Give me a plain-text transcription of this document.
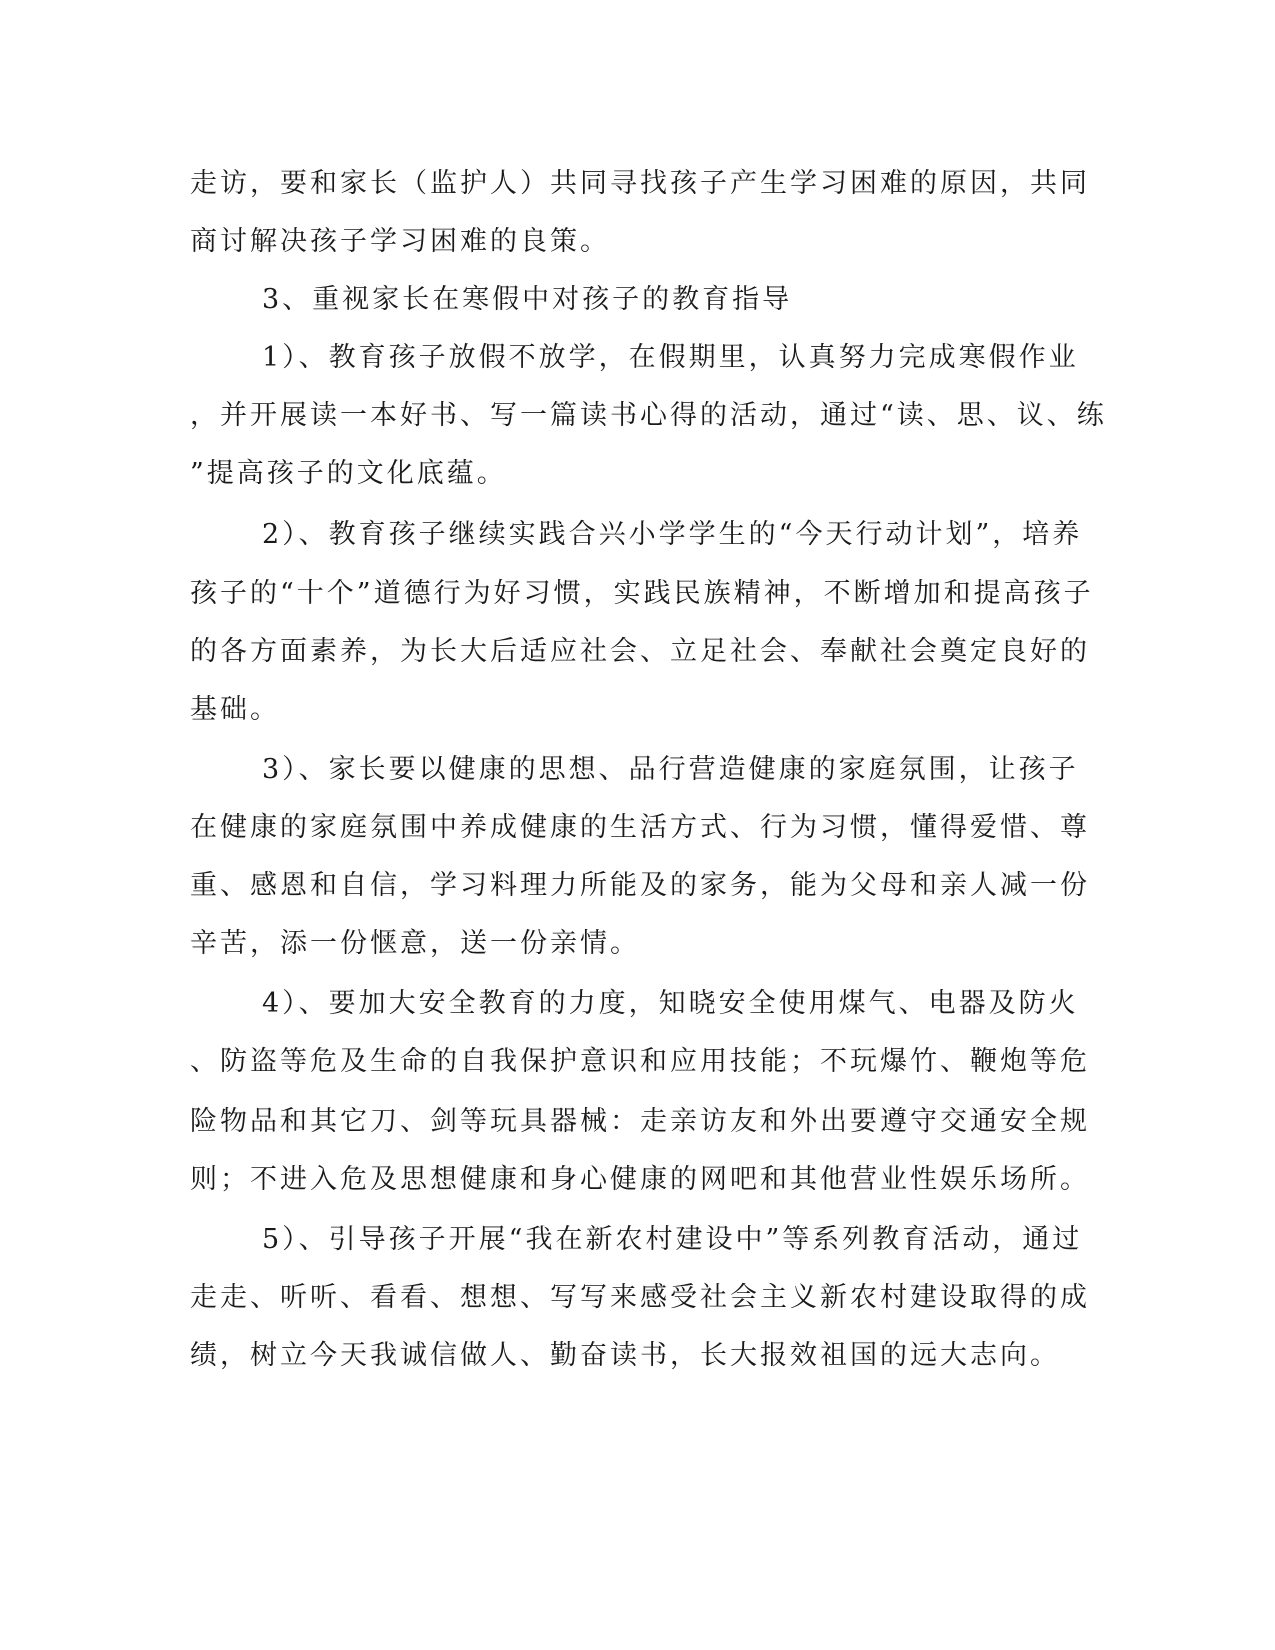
走访，要和家长（监护人）共同寻找孩子产生学习困难的原因，共同
商讨解决孩子学习困难的良策。
3、重视家长在寒假中对孩子的教育指导
1）、教育孩子放假不放学，在假期里，认真努力完成寒假作业
，并开展读一本好书、写一篇读书心得的活动，通过“读、思、议、练
”提高孩子的文化底蕴。
2）、教育孩子继续实践合兴小学学生的“今天行动计划”，培养
孩子的“十个”道德行为好习惯，实践民族精神，不断增加和提高孩子
的各方面素养，为长大后适应社会、立足社会、奉献社会奠定良好的
基础。
3）、家长要以健康的思想、品行营造健康的家庭氛围，让孩子
在健康的家庭氛围中养成健康的生活方式、行为习惯，懂得爱惜、尊
重、感恩和自信，学习料理力所能及的家务，能为父母和亲人减一份
辛苦，添一份惬意，送一份亲情。
4）、要加大安全教育的力度，知晓安全使用煤气、电器及防火
、防盗等危及生命的自我保护意识和应用技能；不玩爆竹、鞭炮等危
险物品和其它刀、剑等玩具器械：走亲访友和外出要遵守交通安全规
则；不进入危及思想健康和身心健康的网吧和其他营业性娱乐场所。
5）、引导孩子开展“我在新农村建设中”等系列教育活动，通过
走走、听听、看看、想想、写写来感受社会主义新农村建设取得的成
绩，树立今天我诚信做人、勤奋读书，长大报效祖国的远大志向。
